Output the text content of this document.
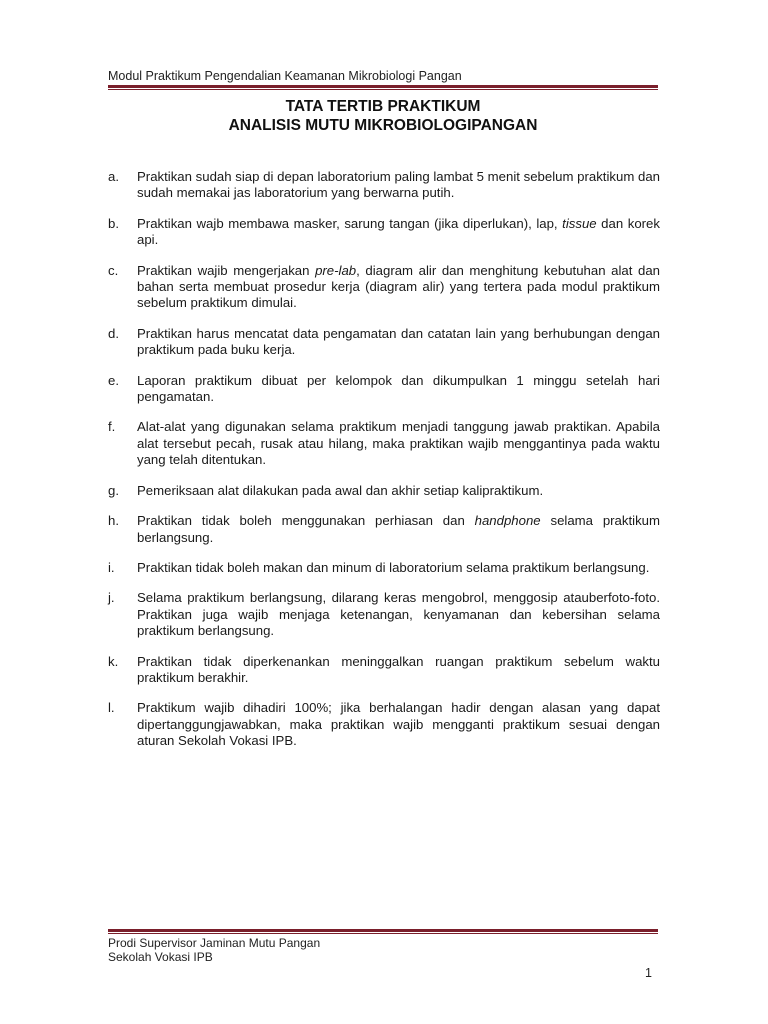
Modul Praktikum Pengendalian Keamanan Mikrobiologi Pangan
TATA TERTIB PRAKTIKUM
ANALISIS MUTU MIKROBIOLOGIPANGAN
a.	Praktikan sudah siap di depan laboratorium paling lambat 5 menit sebelum praktikum dan sudah memakai jas laboratorium yang berwarna putih.
b.	Praktikan wajb membawa masker, sarung tangan (jika diperlukan), lap, tissue dan korek api.
c.	Praktikan wajib mengerjakan pre-lab, diagram alir dan menghitung kebutuhan alat dan bahan serta membuat prosedur kerja (diagram alir) yang tertera pada modul praktikum sebelum praktikum dimulai.
d.	Praktikan harus mencatat data pengamatan dan catatan lain yang berhubungan dengan praktikum pada buku kerja.
e.	Laporan praktikum dibuat per kelompok dan dikumpulkan 1 minggu setelah hari pengamatan.
f.	Alat-alat yang digunakan selama praktikum menjadi tanggung jawab praktikan. Apabila alat tersebut pecah, rusak atau hilang, maka praktikan wajib menggantinya pada waktu yang telah ditentukan.
g.	Pemeriksaan alat dilakukan pada awal dan akhir setiap kalipraktikum.
h.	Praktikan tidak boleh menggunakan perhiasan dan handphone selama praktikum berlangsung.
i.	Praktikan tidak boleh makan dan minum di laboratorium selama praktikum berlangsung.
j.	Selama praktikum berlangsung, dilarang keras mengobrol, menggosip atauberfoto-foto. Praktikan juga wajib menjaga ketenangan, kenyamanan dan kebersihan selama praktikum berlangsung.
k.	Praktikan tidak diperkenankan meninggalkan ruangan praktikum sebelum waktu praktikum berakhir.
l.	Praktikum wajib dihadiri 100%; jika berhalangan hadir dengan alasan yang dapat dipertanggungjawabkan, maka praktikan wajib mengganti praktikum sesuai dengan aturan Sekolah Vokasi IPB.
Prodi Supervisor Jaminan Mutu Pangan
Sekolah Vokasi IPB
1
